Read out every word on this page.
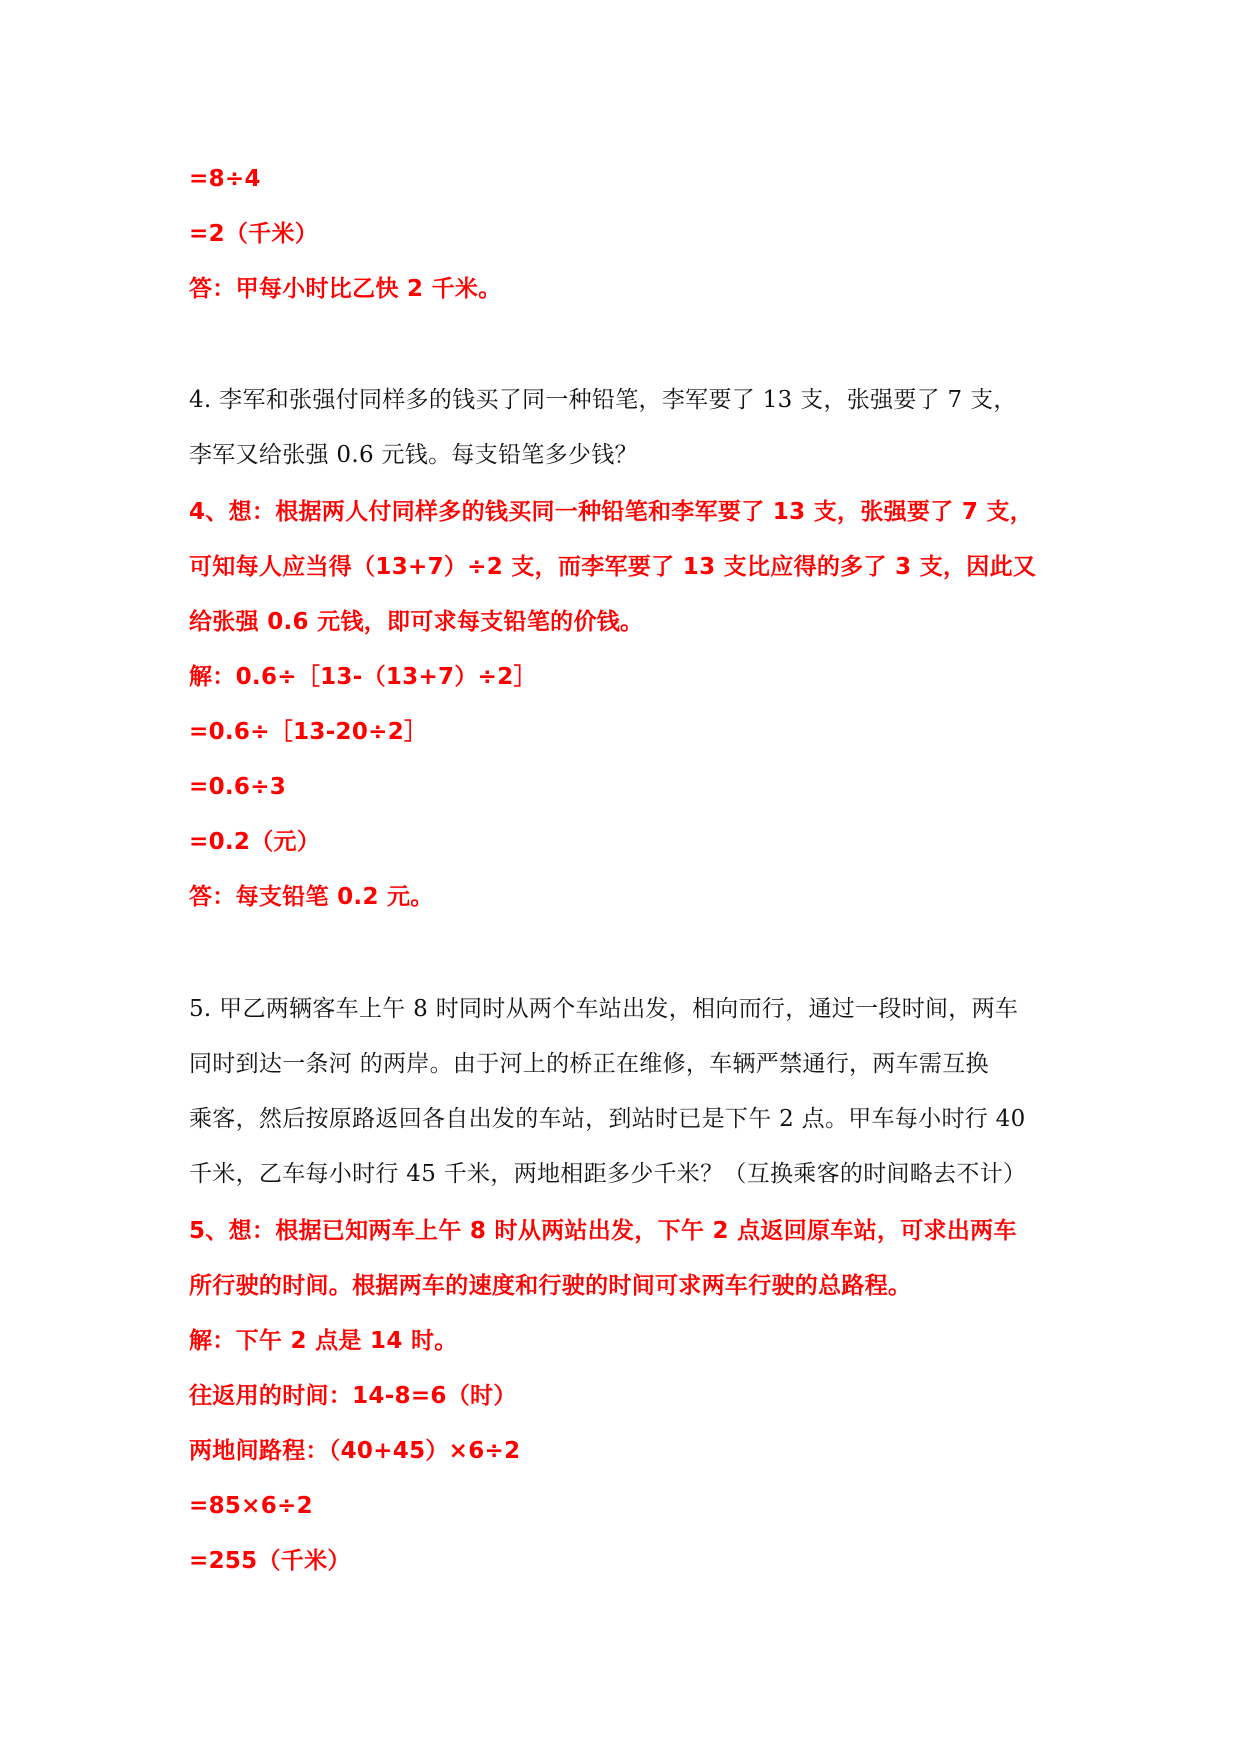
=8÷4
=2（千米）
答：甲每小时比乙快 2 千米。
4. 李军和张强付同样多的钱买了同一种铅笔，李军要了 13 支，张强要了 7 支，
李军又给张强 0.6 元钱。每支铅笔多少钱？
4、想：根据两人付同样多的钱买同一种铅笔和李军要了 13 支，张强要了 7 支，
可知每人应当得（13+7）÷2 支，而李军要了 13 支比应得的多了 3 支，因此又
给张强 0.6 元钱，即可求每支铅笔的价钱。
解：0.6÷［13-（13+7）÷2］
=0.6÷［13-20÷2］
=0.6÷3
=0.2（元）
答：每支铅笔 0.2 元。
5. 甲乙两辆客车上午 8 时同时从两个车站出发，相向而行，通过一段时间，两车
同时到达一条河 的两岸。由于河上的桥正在维修，车辆严禁通行，两车需互换
乘客，然后按原路返回各自出发的车站，到站时已是下午 2 点。甲车每小时行 40
千米，乙车每小时行 45 千米，两地相距多少千米？（互换乘客的时间略去不计）
5、想：根据已知两车上午 8 时从两站出发，下午 2 点返回原车站，可求出两车
所行驶的时间。根据两车的速度和行驶的时间可求两车行驶的总路程。
解：下午 2 点是 14 时。
往返用的时间：14-8=6（时）
两地间路程：（40+45）×6÷2
=85×6÷2
=255（千米）
